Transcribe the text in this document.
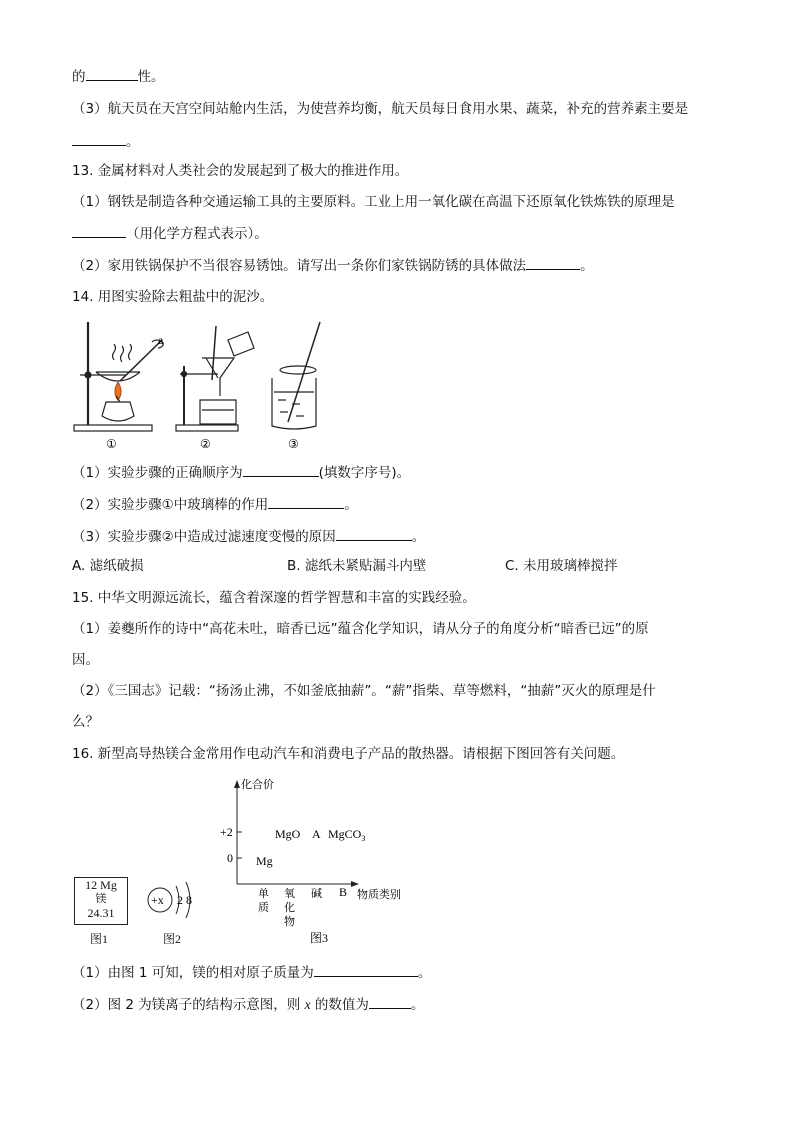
的	性。
（3）航天员在天宫空间站舱内生活，为使营养均衡，航天员每日食用水果、蔬菜，补充的营养素主要是
。
13. 金属材料对人类社会的发展起到了极大的推进作用。
（1）钢铁是制造各种交通运输工具的主要原料。工业上用一氧化碳在高温下还原氧化铁炼铁的原理是
（用化学方程式表示）。
（2）家用铁锅保护不当很容易锈蚀。请写出一条你们家铁锅防锈的具体做法	。
14. 用图实验除去粗盐中的泥沙。
a
①	②	③
（1）实验步骤的正确顺序为	(填数字序号)。
（2）实验步骤①中玻璃棒的作用	。
（3）实验步骤②中造成过滤速度变慢的原因	。
A. 滤纸破损	B. 滤纸未紧贴漏斗内壁	C. 未用玻璃棒搅拌
15. 中华文明源远流长，蕴含着深邃的哲学智慧和丰富的实践经验。
（1）姜夔所作的诗中“高花未吐，暗香已远”蕴含化学知识，请从分子的角度分析“暗香已远”的原
因。
（2）《三国志》记载：“扬汤止沸，不如釜底抽薪”。“薪”指柴、草等燃料，“抽薪”灭火的原理是什
么？
16. 新型高导热镁合金常用作电动汽车和消费电子产品的散热器。请根据下图回答有关问题。
12 Mg
镁
24.31
图1
+x 2 8
图2
化合价
+2
0
MgO A MgCO$_3$
Mg
单
质
氧
化
物
碱 B 物质类别
图3
（1）由图 1 可知，镁的相对原子质量为	。
（2）图 2 为镁离子的结构示意图，则 x 的数值为	。
